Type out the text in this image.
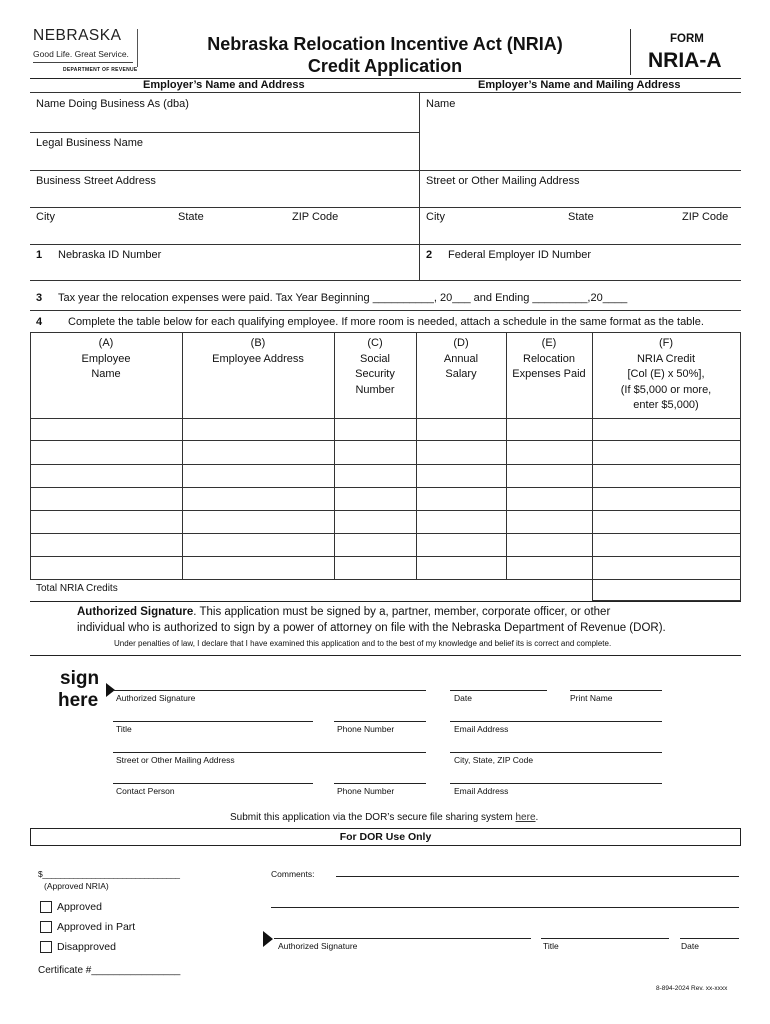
NEBRASKA
Good Life. Great Service.
DEPARTMENT OF REVENUE
Nebraska Relocation Incentive Act (NRIA)
Credit Application
FORM
NRIA-A
Employer’s Name and Address	Employer’s Name and Mailing Address
Name Doing Business As (dba)	Name
Legal Business Name
Business Street Address	Street or Other Mailing Address
City	State	ZIP Code	City	State	ZIP Code
1 Nebraska ID Number	2 Federal Employer ID Number
3 Tax year the relocation expenses were paid. Tax Year Beginning __________, 20___ and Ending _________,20____
4 Complete the table below for each qualifying employee. If more room is needed, attach a schedule in the same format as the table.
(A)
Employee
Name
(B)
Employee Address
(C)
Social
Security
Number
(D)
Annual
Salary
(E)
Relocation
Expenses Paid
(F)
NRIA Credit
[Col (E) x 50%],
(If $5,000 or more,
enter $5,000)
Total NRIA Credits
Authorized Signature. This application must be signed by a, partner, member, corporate officer, or other
individual who is authorized to sign by a power of attorney on file with the Nebraska Department of Revenue (DOR).
Under penalties of law, I declare that I have examined this application and to the best of my knowledge and belief its is correct and complete.
sign
here Authorized Signature	Date	Print Name
Title	Phone Number	Email Address
Street or Other Mailing Address	City, State, ZIP Code
Contact Person	Phone Number	Email Address
Submit this application via the DOR’s secure file sharing system here.
For DOR Use Only
$_______________________________
(Approved NRIA)
Comments:
Approved
Approved in Part
Disapproved	Authorized Signature	Title	Date
Certificate #________________
8-894-2024 Rev. xx-xxxx
